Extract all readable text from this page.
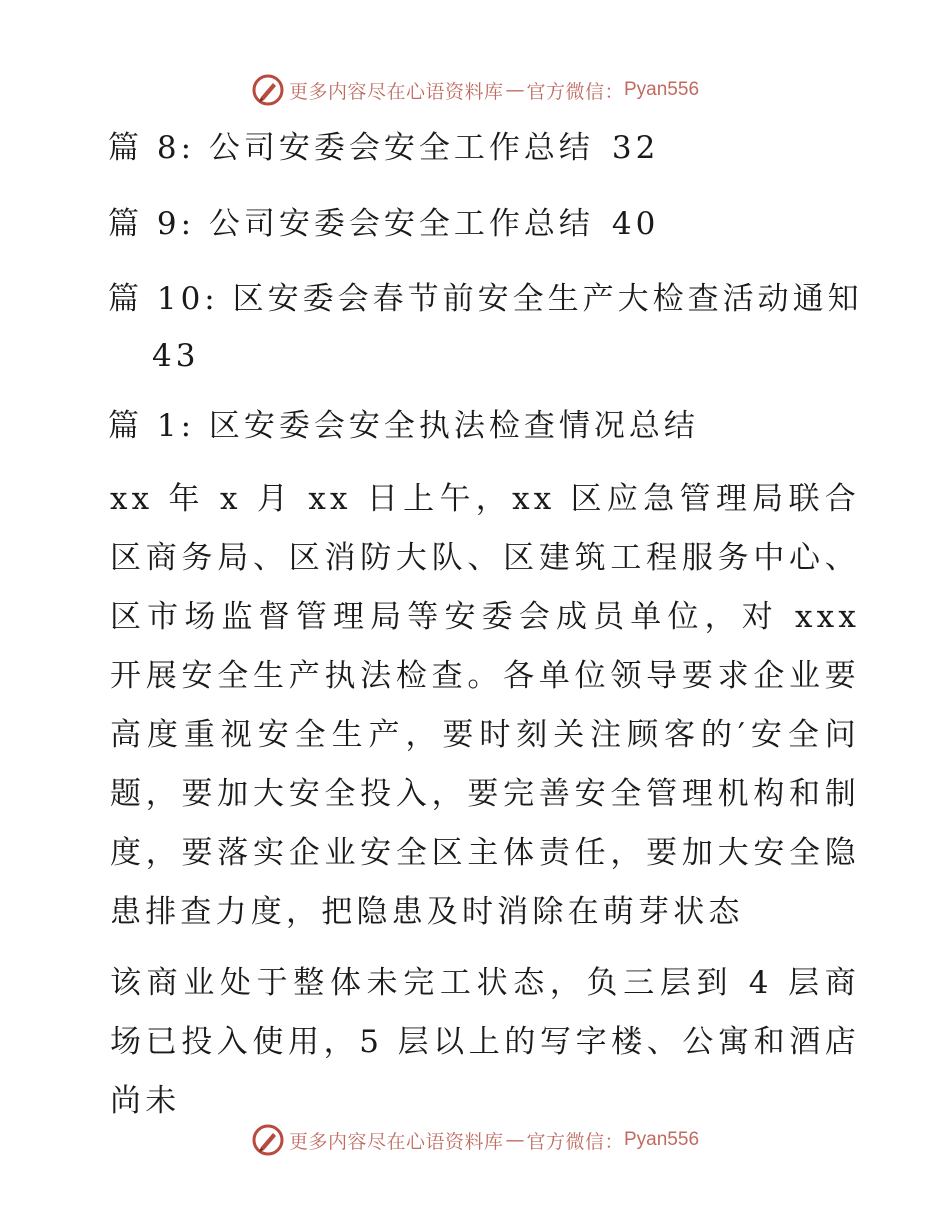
更多内容尽在心语资料库 — 官方微信： Pyan556

篇 8: 公司安委会安全工作总结 32

篇 9: 公司安委会安全工作总结 40

篇 10: 区安委会春节前安全生产大检查活动通知

43

篇 1: 区安委会安全执法检查情况总结

xx 年 x 月 xx 日上午，xx 区应急管理局联合区商务局、区消防大队、区建筑工程服务中心、区市场监督管理局等安委会成员单位，对 xxx 开展安全生产执法检查。各单位领导要求企业要高度重视安全生产，要时刻关注顾客的′安全问题，要加大安全投入，要完善安全管理机构和制度，要落实企业安全区主体责任，要加大安全隐患排查力度，把隐患及时消除在萌芽状态

该商业处于整体未完工状态，负三层到 4 层商场已投入使用，5 层以上的写字楼、公寓和酒店尚未

更多内容尽在心语资料库 — 官方微信： Pyan556
